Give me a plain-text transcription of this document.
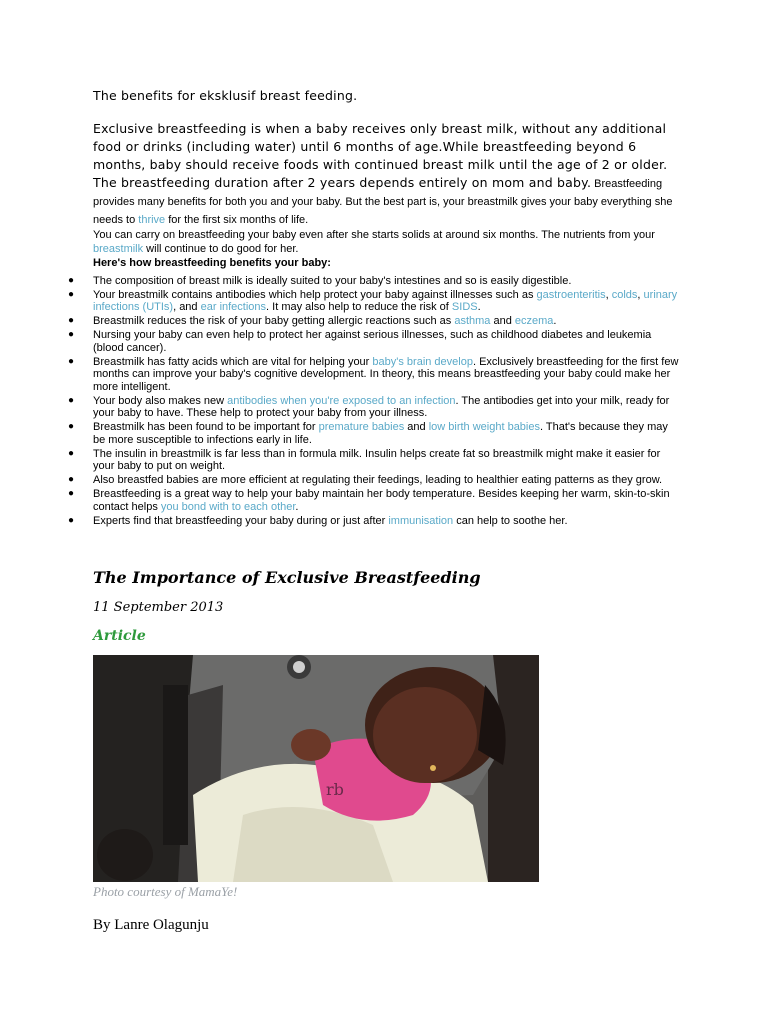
The benefits for eksklusif breast feeding.
Exclusive breastfeeding is when a baby receives only breast milk, without any additional food or drinks (including water) until 6 months of age.While breastfeeding beyond 6 months, baby should receive foods with continued breast milk until the age of 2 or older. The breastfeeding duration after 2 years depends entirely on mom and baby. Breastfeeding provides many benefits for both you and your baby. But the best part is, your breastmilk gives your baby everything she needs to thrive for the first six months of life.
You can carry on breastfeeding your baby even after she starts solids at around six months. The nutrients from your breastmilk will continue to do good for her.
Here's how breastfeeding benefits your baby:
● The composition of breast milk is ideally suited to your baby's intestines and so is easily digestible.
● Your breastmilk contains antibodies which help protect your baby against illnesses such as gastroenteritis, colds, urinary infections (UTIs), and ear infections. It may also help to reduce the risk of SIDS.
● Breastmilk reduces the risk of your baby getting allergic reactions such as asthma and eczema.
● Nursing your baby can even help to protect her against serious illnesses, such as childhood diabetes and leukemia (blood cancer).
● Breastmilk has fatty acids which are vital for helping your baby's brain develop. Exclusively breastfeeding for the first few months can improve your baby's cognitive development. In theory, this means breastfeeding your baby could make her more intelligent.
● Your body also makes new antibodies when you're exposed to an infection. The antibodies get into your milk, ready for your baby to have. These help to protect your baby from your illness.
● Breastmilk has been found to be important for premature babies and low birth weight babies. That's because they may be more susceptible to infections early in life.
● The insulin in breastmilk is far less than in formula milk. Insulin helps create fat so breastmilk might make it easier for your baby to put on weight.
● Also breastfed babies are more efficient at regulating their feedings, leading to healthier eating patterns as they grow.
● Breastfeeding is a great way to help your baby maintain her body temperature. Besides keeping her warm, skin-to-skin contact helps you bond with to each other.
● Experts find that breastfeeding your baby during or just after immunisation can help to soothe her.
The Importance of Exclusive Breastfeeding
11 September 2013
Article
rb
Photo courtesy of MamaYe!
By Lanre Olagunju
